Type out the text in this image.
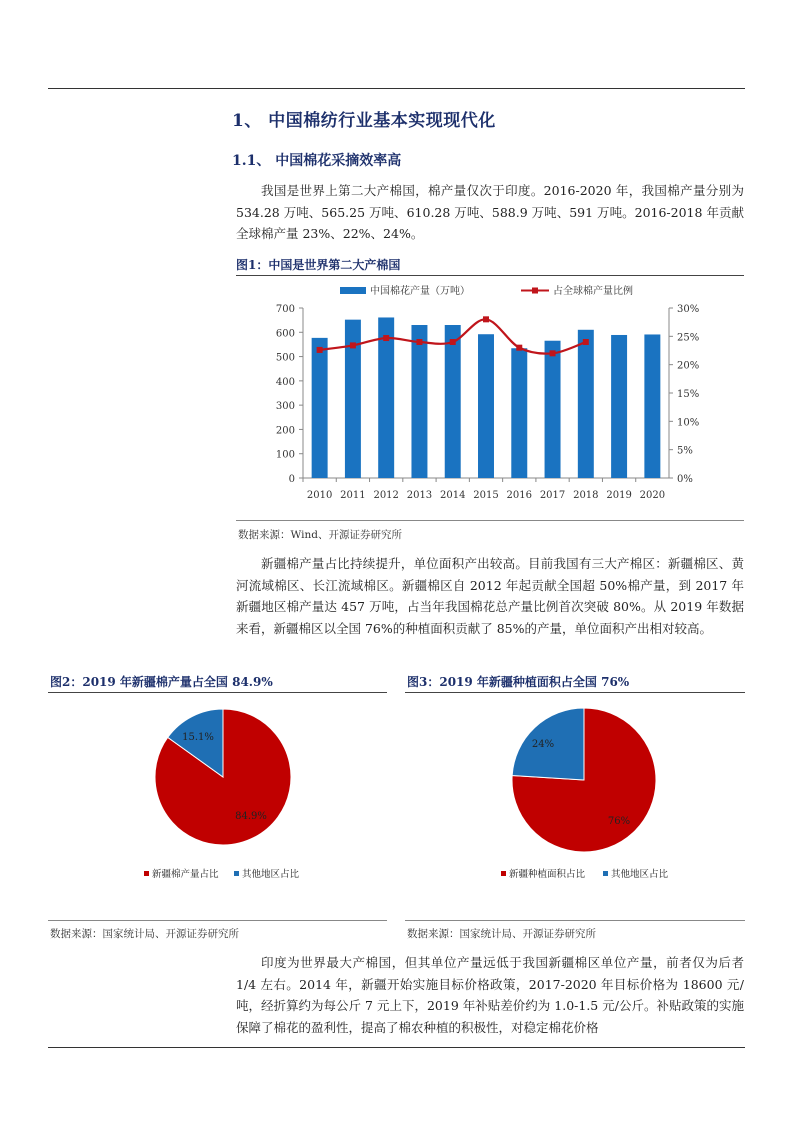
1、 中国棉纺行业基本实现现代化
1.1、 中国棉花采摘效率高

我国是世界上第二大产棉国，棉产量仅次于印度。2016-2020 年，我国棉产量分别为 534.28 万吨、565.25 万吨、610.28 万吨、588.9 万吨、591 万吨。2016-2018 年贡献全球棉产量 23%、22%、24%。

图1：中国是世界第二大产棉国
中国棉花产量（万吨）	占全球棉产量比例
0
100
200
300
400
500
600
700
0%
5%
10%
15%
20%
25%
30%
2010 2011 2012 2013 2014 2015 2016 2017 2018 2019 2020
数据来源：Wind、开源证券研究所

新疆棉产量占比持续提升，单位面积产出较高。目前我国有三大产棉区：新疆棉区、黄河流域棉区、长江流域棉区。新疆棉区自 2012 年起贡献全国超 50%棉产量，到 2017 年新疆地区棉产量达 457 万吨，占当年我国棉花总产量比例首次突破 80%。从 2019 年数据来看，新疆棉区以全国 76%的种植面积贡献了 85%的产量，单位面积产出相对较高。

图2：2019 年新疆棉产量占全国 84.9%
84.9%
15.1%
新疆棉产量占比 其他地区占比
数据来源：国家统计局、开源证券研究所
图3：2019 年新疆种植面积占全国 76%
76%
24%
新疆种植面积占比	其他地区占比
数据来源：国家统计局、开源证券研究所

印度为世界最大产棉国，但其单位产量远低于我国新疆棉区单位产量，前者仅为后者 1/4 左右。2014 年，新疆开始实施目标价格政策，2017-2020 年目标价格为 18600 元/吨，经折算约为每公斤 7 元上下，2019 年补贴差价约为 1.0-1.5 元/公斤。补贴政策的实施保障了棉花的盈利性，提高了棉农种植的积极性，对稳定棉花价格
